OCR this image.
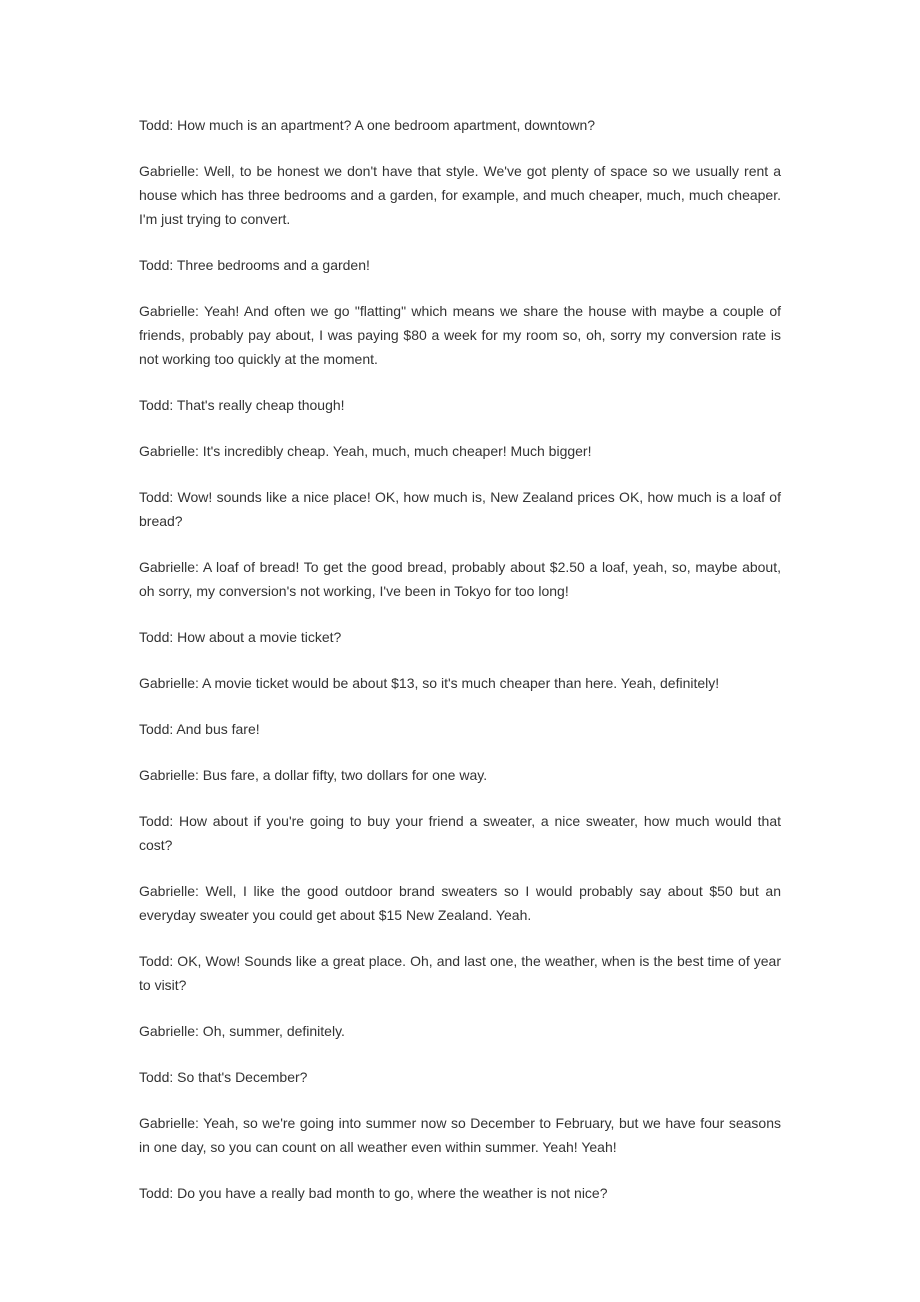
Todd: How much is an apartment? A one bedroom apartment, downtown?

Gabrielle: Well, to be honest we don't have that style. We've got plenty of space so we usually rent a house which has three bedrooms and a garden, for example, and much cheaper, much, much cheaper. I'm just trying to convert.

Todd: Three bedrooms and a garden!

Gabrielle: Yeah! And often we go "flatting" which means we share the house with maybe a couple of friends, probably pay about, I was paying $80 a week for my room so, oh, sorry my conversion rate is not working too quickly at the moment.

Todd: That's really cheap though!

Gabrielle: It's incredibly cheap. Yeah, much, much cheaper! Much bigger!

Todd: Wow! sounds like a nice place! OK, how much is, New Zealand prices OK, how much is a loaf of bread?

Gabrielle: A loaf of bread! To get the good bread, probably about $2.50 a loaf, yeah, so, maybe about, oh sorry, my conversion's not working, I've been in Tokyo for too long!

Todd: How about a movie ticket?

Gabrielle: A movie ticket would be about $13, so it's much cheaper than here. Yeah, definitely!

Todd: And bus fare!

Gabrielle: Bus fare, a dollar fifty, two dollars for one way.

Todd: How about if you're going to buy your friend a sweater, a nice sweater, how much would that cost?

Gabrielle: Well, I like the good outdoor brand sweaters so I would probably say about $50 but an everyday sweater you could get about $15 New Zealand. Yeah.

Todd: OK, Wow! Sounds like a great place. Oh, and last one, the weather, when is the best time of year to visit?

Gabrielle: Oh, summer, definitely.

Todd: So that's December?

Gabrielle: Yeah, so we're going into summer now so December to February, but we have four seasons in one day, so you can count on all weather even within summer. Yeah! Yeah!

Todd: Do you have a really bad month to go, where the weather is not nice?
